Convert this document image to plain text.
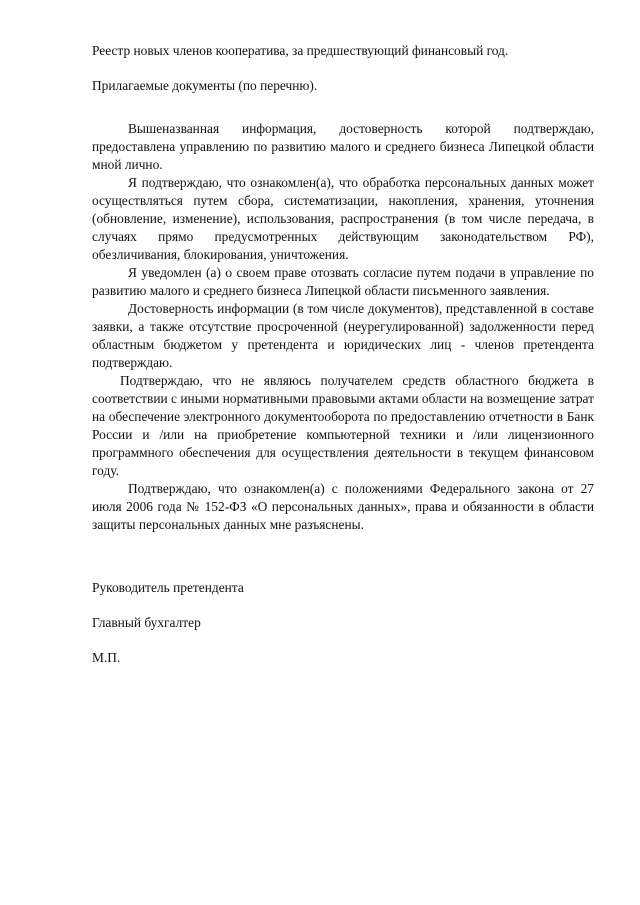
Реестр новых членов кооператива, за предшествующий финансовый год.

Прилагаемые документы (по перечню).

Вышеназванная информация, достоверность которой подтверждаю, предоставлена управлению по развитию малого и среднего бизнеса Липецкой области мной лично.

Я подтверждаю, что ознакомлен(а), что обработка персональных данных может осуществляться путем сбора, систематизации, накопления, хранения, уточнения (обновление, изменение), использования, распространения (в том числе передача, в случаях прямо предусмотренных действующим законодательством РФ), обезличивания, блокирования, уничтожения.

Я уведомлен (а) о своем праве отозвать согласие путем подачи в управление по развитию малого и среднего бизнеса Липецкой области письменного заявления.

Достоверность информации (в том числе документов), представленной в составе заявки, а также отсутствие просроченной (неурегулированной) задолженности перед областным бюджетом у претендента и юридических лиц - членов претендента подтверждаю.

Подтверждаю, что не являюсь получателем средств областного бюджета в соответствии с иными нормативными правовыми актами области на возмещение затрат на обеспечение электронного документооборота по предоставлению отчетности в Банк России и /или на приобретение компьютерной техники и /или лицензионного программного обеспечения для осуществления деятельности в текущем финансовом году.

Подтверждаю, что ознакомлен(а) с положениями Федерального закона от 27 июля 2006 года № 152-ФЗ «О персональных данных», права и обязанности в области защиты персональных данных мне разъяснены.

Руководитель претендента

Главный бухгалтер

М.П.
